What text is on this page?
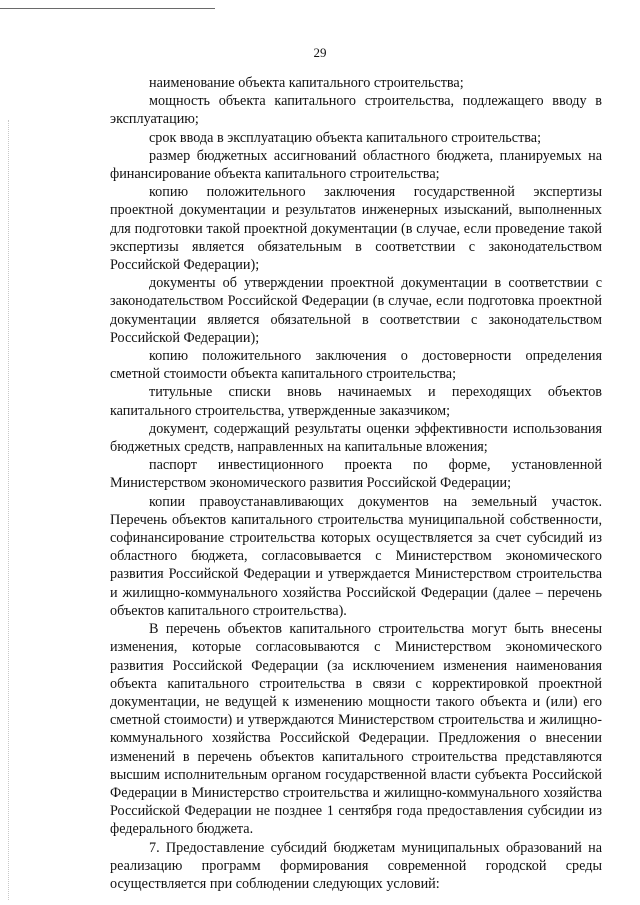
29

наименование объекта капитального строительства;

мощность объекта капитального строительства, подлежащего вводу в эксплуатацию;

срок ввода в эксплуатацию объекта капитального строительства;

размер бюджетных ассигнований областного бюджета, планируемых на финансирование объекта капитального строительства;

копию положительного заключения государственной экспертизы проектной документации и результатов инженерных изысканий, выполненных для подготовки такой проектной документации (в случае, если проведение такой экспертизы является обязательным в соответствии с законодательством Российской Федерации);

документы об утверждении проектной документации в соответствии с законодательством Российской Федерации (в случае, если подготовка проектной документации является обязательной в соответствии с законодательством Российской Федерации);

копию положительного заключения о достоверности определения сметной стоимости объекта капитального строительства;

титульные списки вновь начинаемых и переходящих объектов капитального строительства, утвержденные заказчиком;

документ, содержащий результаты оценки эффективности использования бюджетных средств, направленных на капитальные вложения;

паспорт инвестиционного проекта по форме, установленной Министерством экономического развития Российской Федерации;

копии правоустанавливающих документов на земельный участок. Перечень объектов капитального строительства муниципальной собственности, софинансирование строительства которых осуществляется за счет субсидий из областного бюджета, согласовывается с Министерством экономического развития Российской Федерации и утверждается Министерством строительства и жилищно-коммунального хозяйства Российской Федерации (далее – перечень объектов капитального строительства).

В перечень объектов капитального строительства могут быть внесены изменения, которые согласовываются с Министерством экономического развития Российской Федерации (за исключением изменения наименования объекта капитального строительства в связи с корректировкой проектной документации, не ведущей к изменению мощности такого объекта и (или) его сметной стоимости) и утверждаются Министерством строительства и жилищно-коммунального хозяйства Российской Федерации. Предложения о внесении изменений в перечень объектов капитального строительства представляются высшим исполнительным органом государственной власти субъекта Российской Федерации в Министерство строительства и жилищно-коммунального хозяйства Российской Федерации не позднее 1 сентября года предоставления субсидии из федерального бюджета.

7. Предоставление субсидий бюджетам муниципальных образований на реализацию программ формирования современной городской среды осуществляется при соблюдении следующих условий:
